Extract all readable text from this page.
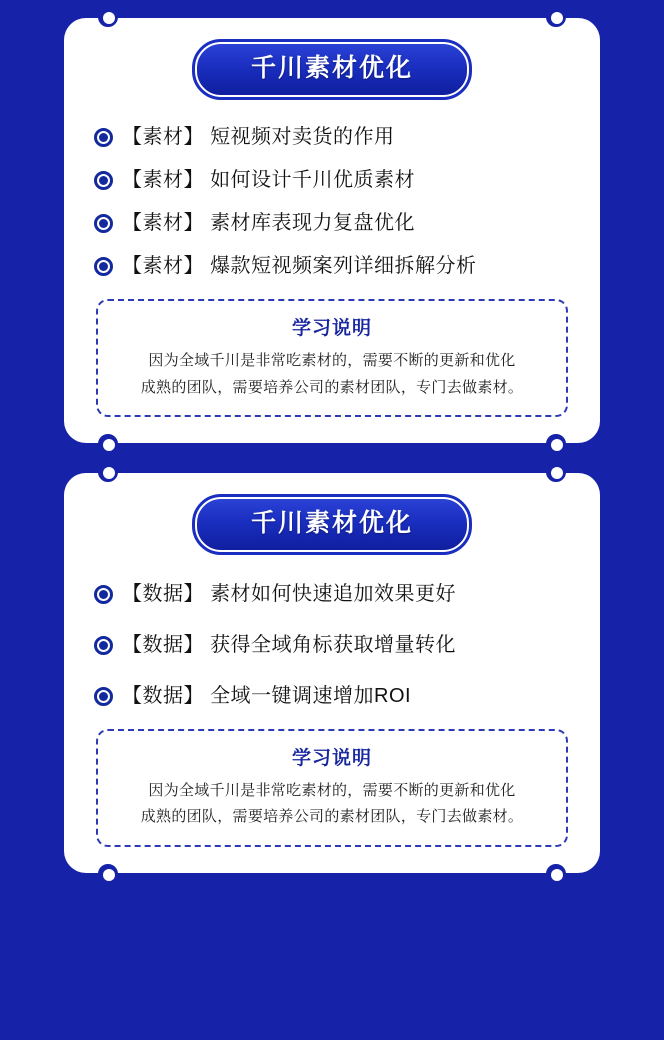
千川素材优化
【素材】 短视频对卖货的作用
【素材】 如何设计千川优质素材
【素材】 素材库表现力复盘优化
【素材】 爆款短视频案列详细拆解分析
学习说明
因为全域千川是非常吃素材的，需要不断的更新和优化
成熟的团队，需要培养公司的素材团队，专门去做素材。
千川素材优化
【数据】 素材如何快速追加效果更好
【数据】 获得全域角标获取增量转化
【数据】 全域一键调速增加ROI
学习说明
因为全域千川是非常吃素材的，需要不断的更新和优化
成熟的团队，需要培养公司的素材团队，专门去做素材。
